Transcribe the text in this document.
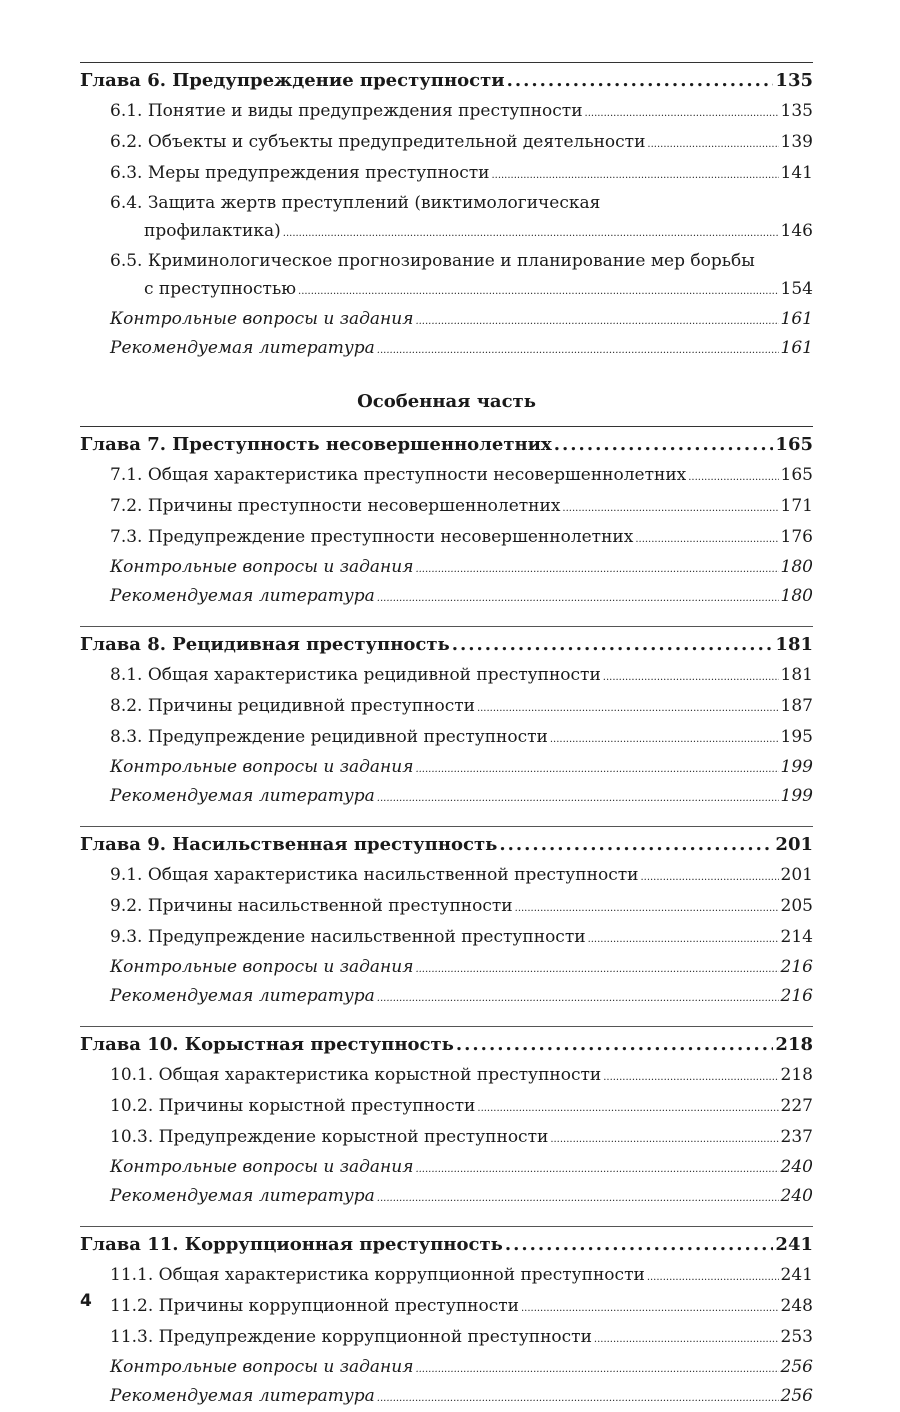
Глава 6. Предупреждение преступности .....	135
6.1. Понятие и виды предупреждения преступности .....	135
6.2. Объекты и субъекты предупредительной деятельности .....	139
6.3. Меры предупреждения преступности .....	141
6.4. Защита жертв преступлений (виктимологическая
профилактика) .....	146
6.5. Криминологическое прогнозирование и планирование мер борьбы
с преступностью .....	154
Контрольные вопросы и задания .....	161
Рекомендуемая литература .....	161
Особенная часть
Глава 7. Преступность несовершеннолетних .....	165
7.1. Общая характеристика преступности несовершеннолетних .....	165
7.2. Причины преступности несовершеннолетних .....	171
7.3. Предупреждение преступности несовершеннолетних .....	176
Контрольные вопросы и задания .....	180
Рекомендуемая литература .....	180
Глава 8. Рецидивная преступность .....	181
8.1. Общая характеристика рецидивной преступности .....	181
8.2. Причины рецидивной преступности .....	187
8.3. Предупреждение рецидивной преступности .....	195
Контрольные вопросы и задания .....	199
Рекомендуемая литература .....	199
Глава 9. Насильственная преступность .....	201
9.1. Общая характеристика насильственной преступности .....	201
9.2. Причины насильственной преступности .....	205
9.3. Предупреждение насильственной преступности .....	214
Контрольные вопросы и задания .....	216
Рекомендуемая литература .....	216
Глава 10. Корыстная преступность .....	218
10.1. Общая характеристика корыстной преступности .....	218
10.2. Причины корыстной преступности .....	227
10.3. Предупреждение корыстной преступности .....	237
Контрольные вопросы и задания .....	240
Рекомендуемая литература .....	240
Глава 11. Коррупционная преступность .....	241
11.1. Общая характеристика коррупционной преступности .....	241
11.2. Причины коррупционной преступности .....	248
11.3. Предупреждение коррупционной преступности .....	253
Контрольные вопросы и задания .....	256
Рекомендуемая литература .....	256
4
